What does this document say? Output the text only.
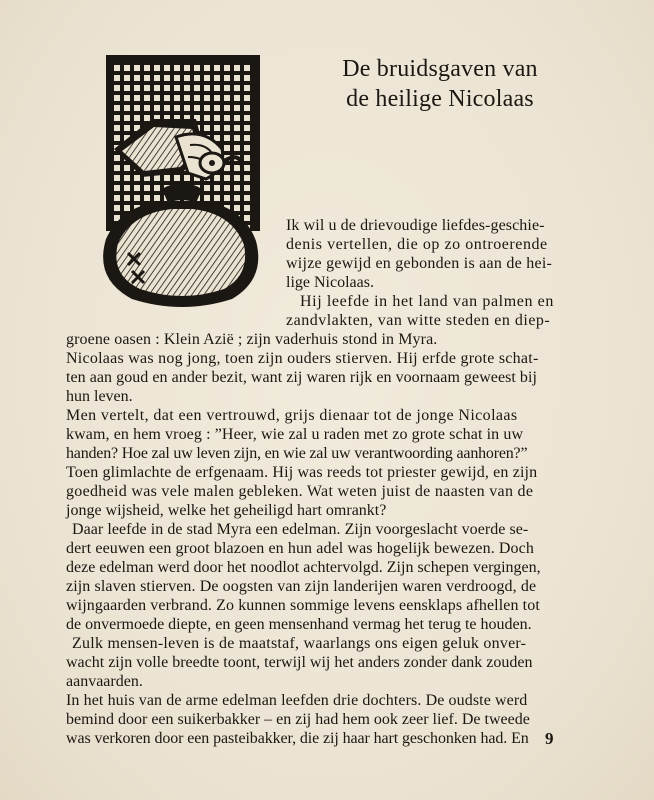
De bruidsgaven van
de heilige Nicolaas
Ik wil u de drievoudige liefdes-geschie-
denis vertellen, die op zo ontroerende
wijze gewijd en gebonden is aan de hei-
lige Nicolaas.
Hij leefde in het land van palmen en
zandvlakten, van witte steden en diep-
groene oasen : Klein Azië ; zijn vaderhuis stond in Myra.
Nicolaas was nog jong, toen zijn ouders stierven. Hij erfde grote schat-
ten aan goud en ander bezit, want zij waren rijk en voornaam geweest bij
hun leven.
Men vertelt, dat een vertrouwd, grijs dienaar tot de jonge Nicolaas
kwam, en hem vroeg : ”Heer, wie zal u raden met zo grote schat in uw
handen? Hoe zal uw leven zijn, en wie zal uw verantwoording aanhoren?”
Toen glimlachte de erfgenaam. Hij was reeds tot priester gewijd, en zijn
goedheid was vele malen gebleken. Wat weten juist de naasten van de
jonge wijsheid, welke het geheiligd hart omrankt?
Daar leefde in de stad Myra een edelman. Zijn voorgeslacht voerde se-
dert eeuwen een groot blazoen en hun adel was hogelijk bewezen. Doch
deze edelman werd door het noodlot achtervolgd. Zijn schepen vergingen,
zijn slaven stierven. De oogsten van zijn landerijen waren verdroogd, de
wijngaarden verbrand. Zo kunnen sommige levens eensklaps afhellen tot
de onvermoede diepte, en geen mensenhand vermag het terug te houden.
Zulk mensen-leven is de maatstaf, waarlangs ons eigen geluk onver-
wacht zijn volle breedte toont, terwijl wij het anders zonder dank zouden
aanvaarden.
In het huis van de arme edelman leefden drie dochters. De oudste werd
bemind door een suikerbakker – en zij had hem ook zeer lief. De tweede
was verkoren door een pasteibakker, die zij haar hart geschonken had. En 9
